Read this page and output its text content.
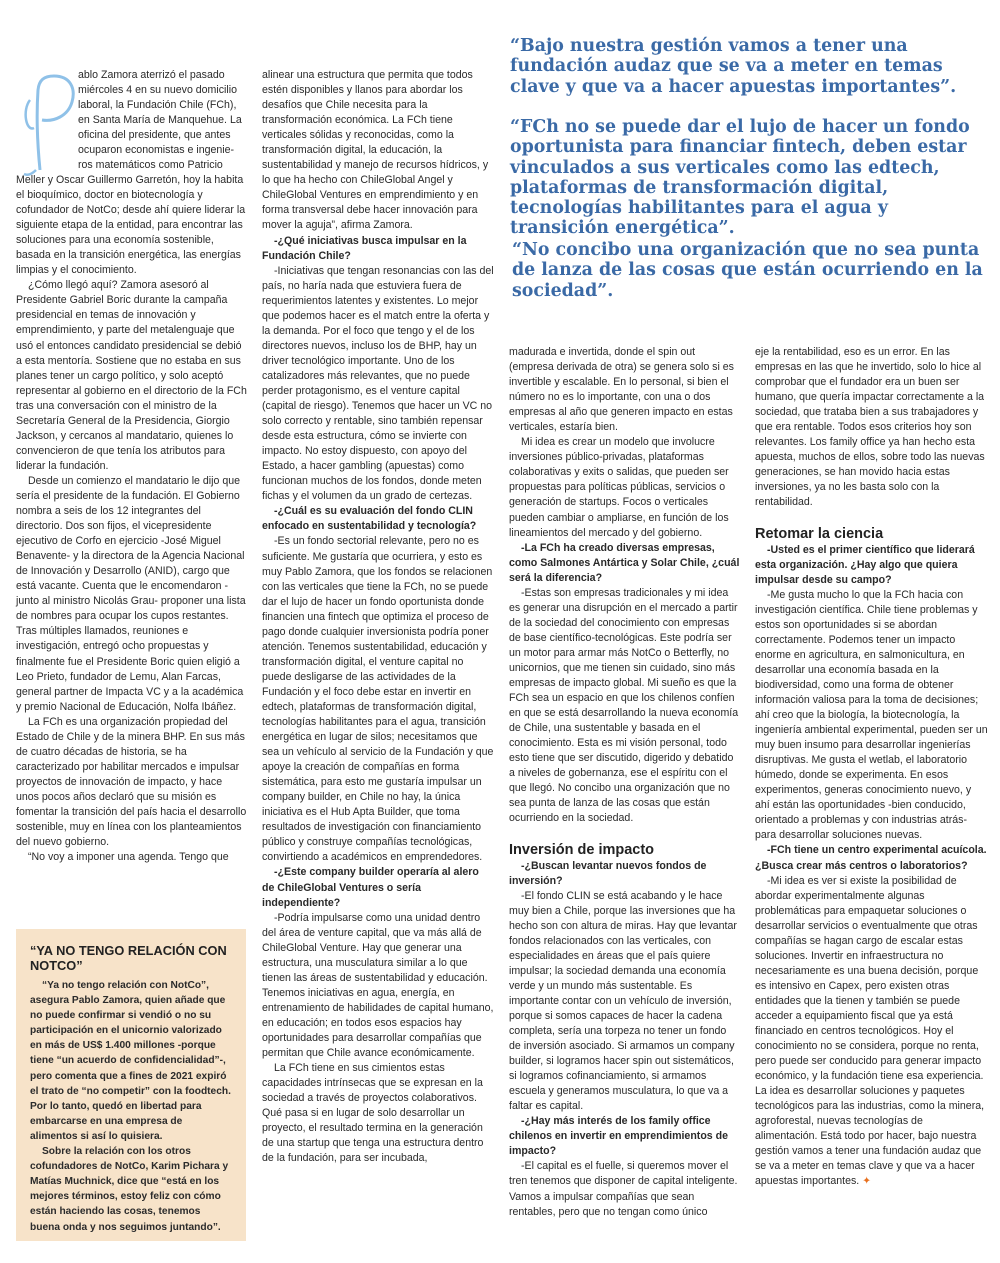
“Bajo nuestra gestión vamos a tener una fundación audaz que se va a meter en temas clave y que va a hacer apuestas importantes”.
“FCh no se puede dar el lujo de hacer un fondo oportunista para financiar fintech, deben estar vinculados a sus verticales como las edtech, plataformas de transformación digital, tecnologías habilitantes para el agua y transición energética”.
“No concibo una organización que no sea punta de lanza de las cosas que están ocurriendo en la sociedad”.
ablo Zamora aterrizó el pasado
miércoles 4 en su nuevo domicilio
laboral, la Fundación Chile (FCh),
en Santa María de Manquehue. La
oficina del presidente, que antes
ocuparon economistas e ingenie-
ros matemáticos como Patricio

Meller y Oscar Guillermo Garretón, hoy la habita el bioquímico, doctor en biotecnología y cofundador de NotCo; desde ahí quiere liderar la siguiente etapa de la entidad, para encontrar las soluciones para una economía sostenible, basada en la transición energética, las energías limpias y el conocimiento.

¿Cómo llegó aquí? Zamora asesoró al Presidente Gabriel Boric durante la campaña presidencial en temas de innovación y emprendimiento, y parte del metalenguaje que usó el entonces candidato presidencial se debió a esta mentoría. Sostiene que no estaba en sus planes tener un cargo político, y solo aceptó representar al gobierno en el directorio de la FCh tras una conversación con el ministro de la Secretaría General de la Presidencia, Giorgio Jackson, y cercanos al mandatario, quienes lo convencieron de que tenía los atributos para liderar la fundación.

Desde un comienzo el mandatario le dijo que sería el presidente de la fundación. El Gobierno nombra a seis de los 12 integrantes del directorio. Dos son fijos, el vicepresidente ejecutivo de Corfo en ejercicio -José Miguel Benavente- y la directora de la Agencia Nacional de Innovación y Desarrollo (ANID), cargo que está vacante. Cuenta que le encomendaron -junto al ministro Nicolás Grau- proponer una lista de nombres para ocupar los cupos restantes. Tras múltiples llamados, reuniones e investigación, entregó ocho propuestas y finalmente fue el Presidente Boric quien eligió a Leo Prieto, fundador de Lemu, Alan Farcas, general partner de Impacta VC y a la académica y premio Nacional de Educación, Nolfa Ibáñez.

La FCh es una organización propiedad del Estado de Chile y de la minera BHP. En sus más de cuatro décadas de historia, se ha caracterizado por habilitar mercados e impulsar proyectos de innovación de impacto, y hace unos pocos años declaró que su misión es fomentar la transición del país hacia el desarrollo sostenible, muy en línea con los planteamientos del nuevo gobierno.

“No voy a imponer una agenda. Tengo que

“YA NO TENGO RELACIÓN CON NOTCO”

“Ya no tengo relación con NotCo”, asegura Pablo Zamora, quien añade que no puede confirmar si vendió o no su participación en el unicornio valorizado en más de US$ 1.400 millones -porque tiene “un acuerdo de confidencialidad”-, pero comenta que a fines de 2021 expiró el trato de “no competir” con la foodtech. Por lo tanto, quedó en libertad para embarcarse en una empresa de alimentos si así lo quisiera.

Sobre la relación con los otros cofundadores de NotCo, Karim Pichara y Matías Muchnick, dice que “está en los mejores términos, estoy feliz con cómo están haciendo las cosas, tenemos buena onda y nos seguimos juntando”.

alinear una estructura que permita que todos estén disponibles y llanos para abordar los desafíos que Chile necesita para la transformación económica. La FCh tiene verticales sólidas y reconocidas, como la transformación digital, la educación, la sustentabilidad y manejo de recursos hídricos, y lo que ha hecho con ChileGlobal Angel y ChileGlobal Ventures en emprendimiento y en forma transversal debe hacer innovación para mover la aguja”, afirma Zamora.

-¿Qué iniciativas busca impulsar en la Fundación Chile?

-Iniciativas que tengan resonancias con las del país, no haría nada que estuviera fuera de requerimientos latentes y existentes. Lo mejor que podemos hacer es el match entre la oferta y la demanda. Por el foco que tengo y el de los directores nuevos, incluso los de BHP, hay un driver tecnológico importante. Uno de los catalizadores más relevantes, que no puede perder protagonismo, es el venture capital (capital de riesgo). Tenemos que hacer un VC no solo correcto y rentable, sino también repensar desde esta estructura, cómo se invierte con impacto. No estoy dispuesto, con apoyo del Estado, a hacer gambling (apuestas) como funcionan muchos de los fondos, donde meten fichas y el volumen da un grado de certezas.

-¿Cuál es su evaluación del fondo CLIN enfocado en sustentabilidad y tecnología?

-Es un fondo sectorial relevante, pero no es suficiente. Me gustaría que ocurriera, y esto es muy Pablo Zamora, que los fondos se relacionen con las verticales que tiene la FCh, no se puede dar el lujo de hacer un fondo oportunista donde financien una fintech que optimiza el proceso de pago donde cualquier inversionista podría poner atención. Tenemos sustentabilidad, educación y transformación digital, el venture capital no puede desligarse de las actividades de la Fundación y el foco debe estar en invertir en edtech, plataformas de transformación digital, tecnologías habilitantes para el agua, transición energética en lugar de silos; necesitamos que sea un vehículo al servicio de la Fundación y que apoye la creación de compañías en forma sistemática, para esto me gustaría impulsar un company builder, en Chile no hay, la única iniciativa es el Hub Apta Builder, que toma resultados de investigación con financiamiento público y construye compañías tecnológicas, convirtiendo a académicos en emprendedores.

-¿Este company builder operaría al alero de ChileGlobal Ventures o sería independiente?

-Podría impulsarse como una unidad dentro del área de venture capital, que va más allá de ChileGlobal Venture. Hay que generar una estructura, una musculatura similar a lo que tienen las áreas de sustentabilidad y educación. Tenemos iniciativas en agua, energía, en entrenamiento de habilidades de capital humano, en educación; en todos esos espacios hay oportunidades para desarrollar compañías que permitan que Chile avance económicamente.

La FCh tiene en sus cimientos estas capacidades intrínsecas que se expresan en la sociedad a través de proyectos colaborativos. Qué pasa si en lugar de solo desarrollar un proyecto, el resultado termina en la generación de una startup que tenga una estructura dentro de la fundación, para ser incubada,

madurada e invertida, donde el spin out (empresa derivada de otra) se genera solo si es invertible y escalable. En lo personal, si bien el número no es lo importante, con una o dos empresas al año que generen impacto en estas verticales, estaría bien.

Mi idea es crear un modelo que involucre inversiones público-privadas, plataformas colaborativas y exits o salidas, que pueden ser propuestas para políticas públicas, servicios o generación de startups. Focos o verticales pueden cambiar o ampliarse, en función de los lineamientos del mercado y del gobierno.

-La FCh ha creado diversas empresas, como Salmones Antártica y Solar Chile, ¿cuál será la diferencia?

-Estas son empresas tradicionales y mi idea es generar una disrupción en el mercado a partir de la sociedad del conocimiento con empresas de base científico-tecnológicas. Este podría ser un motor para armar más NotCo o Betterfly, no unicornios, que me tienen sin cuidado, sino más empresas de impacto global. Mi sueño es que la FCh sea un espacio en que los chilenos confíen en que se está desarrollando la nueva economía de Chile, una sustentable y basada en el conocimiento. Esta es mi visión personal, todo esto tiene que ser discutido, digerido y debatido a niveles de gobernanza, ese el espíritu con el que llegó. No concibo una organización que no sea punta de lanza de las cosas que están ocurriendo en la sociedad.

Inversión de impacto

-¿Buscan levantar nuevos fondos de inversión?

-El fondo CLIN se está acabando y le hace muy bien a Chile, porque las inversiones que ha hecho son con altura de miras. Hay que levantar fondos relacionados con las verticales, con especialidades en áreas que el país quiere impulsar; la sociedad demanda una economía verde y un mundo más sustentable. Es importante contar con un vehículo de inversión, porque si somos capaces de hacer la cadena completa, sería una torpeza no tener un fondo de inversión asociado. Si armamos un company builder, si logramos hacer spin out sistemáticos, si logramos cofinanciamiento, si armamos escuela y generamos musculatura, lo que va a faltar es capital.

-¿Hay más interés de los family office chilenos en invertir en emprendimientos de impacto?

-El capital es el fuelle, si queremos mover el tren tenemos que disponer de capital inteligente. Vamos a impulsar compañías que sean rentables, pero que no tengan como único

eje la rentabilidad, eso es un error. En las empresas en las que he invertido, solo lo hice al comprobar que el fundador era un buen ser humano, que quería impactar correctamente a la sociedad, que trataba bien a sus trabajadores y que era rentable. Todos esos criterios hoy son relevantes. Los family office ya han hecho esta apuesta, muchos de ellos, sobre todo las nuevas generaciones, se han movido hacia estas inversiones, ya no les basta solo con la rentabilidad.

Retomar la ciencia

-Usted es el primer científico que liderará esta organización. ¿Hay algo que quiera impulsar desde su campo?

-Me gusta mucho lo que la FCh hacia con investigación científica. Chile tiene problemas y estos son oportunidades si se abordan correctamente. Podemos tener un impacto enorme en agricultura, en salmonicultura, en desarrollar una economía basada en la biodiversidad, como una forma de obtener información valiosa para la toma de decisiones; ahí creo que la biología, la biotecnología, la ingeniería ambiental experimental, pueden ser un muy buen insumo para desarrollar ingenierías disruptivas. Me gusta el wetlab, el laboratorio húmedo, donde se experimenta. En esos experimentos, generas conocimiento nuevo, y ahí están las oportunidades -bien conducido, orientado a problemas y con industrias atrás- para desarrollar soluciones nuevas.

-FCh tiene un centro experimental acuícola. ¿Busca crear más centros o laboratorios?

-Mi idea es ver si existe la posibilidad de abordar experimentalmente algunas problemáticas para empaquetar soluciones o desarrollar servicios o eventualmente que otras compañías se hagan cargo de escalar estas soluciones. Invertir en infraestructura no necesariamente es una buena decisión, porque es intensivo en Capex, pero existen otras entidades que la tienen y también se puede acceder a equipamiento fiscal que ya está financiado en centros tecnológicos. Hoy el conocimiento no se considera, porque no renta, pero puede ser conducido para generar impacto económico, y la fundación tiene esa experiencia. La idea es desarrollar soluciones y paquetes tecnológicos para las industrias, como la minera, agroforestal, nuevas tecnologías de alimentación. Está todo por hacer, bajo nuestra gestión vamos a tener una fundación audaz que se va a meter en temas clave y que va a hacer apuestas importantes. ✦
